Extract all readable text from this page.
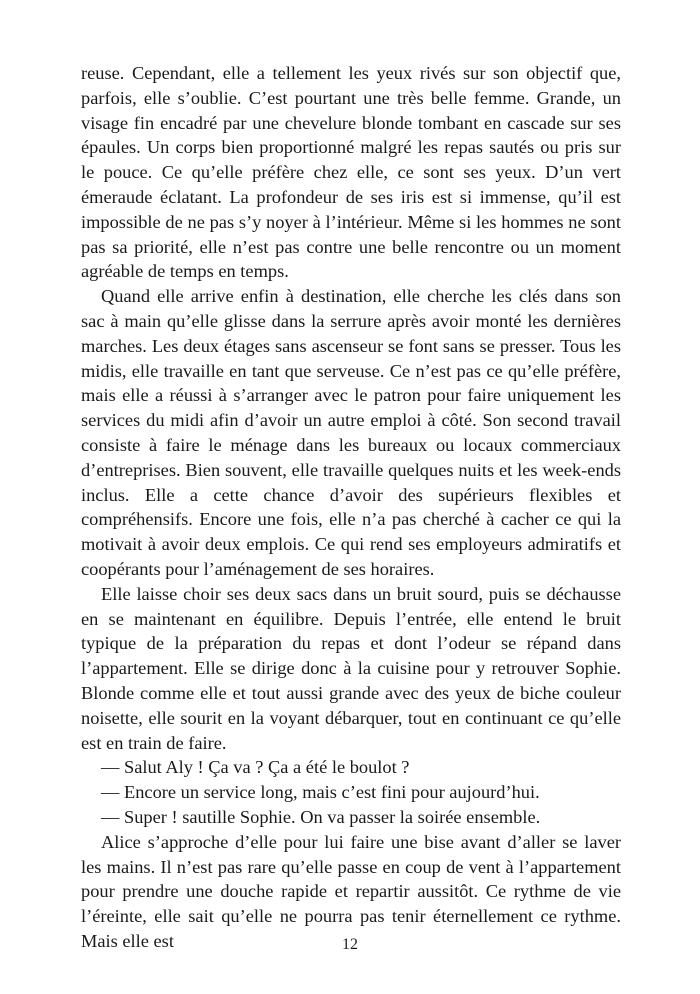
reuse. Cependant, elle a tellement les yeux rivés sur son objectif que, parfois, elle s’oublie. C’est pourtant une très belle femme. Grande, un visage fin encadré par une chevelure blonde tombant en cascade sur ses épaules. Un corps bien proportionné malgré les repas sautés ou pris sur le pouce. Ce qu’elle préfère chez elle, ce sont ses yeux. D’un vert émeraude éclatant. La profondeur de ses iris est si immense, qu’il est impossible de ne pas s’y noyer à l’intérieur. Même si les hommes ne sont pas sa priorité, elle n’est pas contre une belle rencontre ou un moment agréable de temps en temps.

Quand elle arrive enfin à destination, elle cherche les clés dans son sac à main qu’elle glisse dans la serrure après avoir monté les dernières marches. Les deux étages sans ascenseur se font sans se presser. Tous les midis, elle travaille en tant que serveuse. Ce n’est pas ce qu’elle préfère, mais elle a réussi à s’arranger avec le patron pour faire uniquement les services du midi afin d’avoir un autre emploi à côté. Son second travail consiste à faire le ménage dans les bureaux ou locaux commerciaux d’entreprises. Bien souvent, elle travaille quelques nuits et les week-ends inclus. Elle a cette chance d’avoir des supérieurs flexibles et compréhensifs. Encore une fois, elle n’a pas cherché à cacher ce qui la motivait à avoir deux emplois. Ce qui rend ses employeurs admiratifs et coopérants pour l’aménagement de ses horaires.

Elle laisse choir ses deux sacs dans un bruit sourd, puis se déchausse en se maintenant en équilibre. Depuis l’entrée, elle entend le bruit typique de la préparation du repas et dont l’odeur se répand dans l’appartement. Elle se dirige donc à la cuisine pour y retrouver Sophie. Blonde comme elle et tout aussi grande avec des yeux de biche couleur noisette, elle sourit en la voyant débarquer, tout en continuant ce qu’elle est en train de faire.

— Salut Aly ! Ça va ? Ça a été le boulot ?

— Encore un service long, mais c’est fini pour aujourd’hui.

— Super ! sautille Sophie. On va passer la soirée ensemble.

Alice s’approche d’elle pour lui faire une bise avant d’aller se laver les mains. Il n’est pas rare qu’elle passe en coup de vent à l’appartement pour prendre une douche rapide et repartir aussitôt. Ce rythme de vie l’éreinte, elle sait qu’elle ne pourra pas tenir éternellement ce rythme. Mais elle est	12
